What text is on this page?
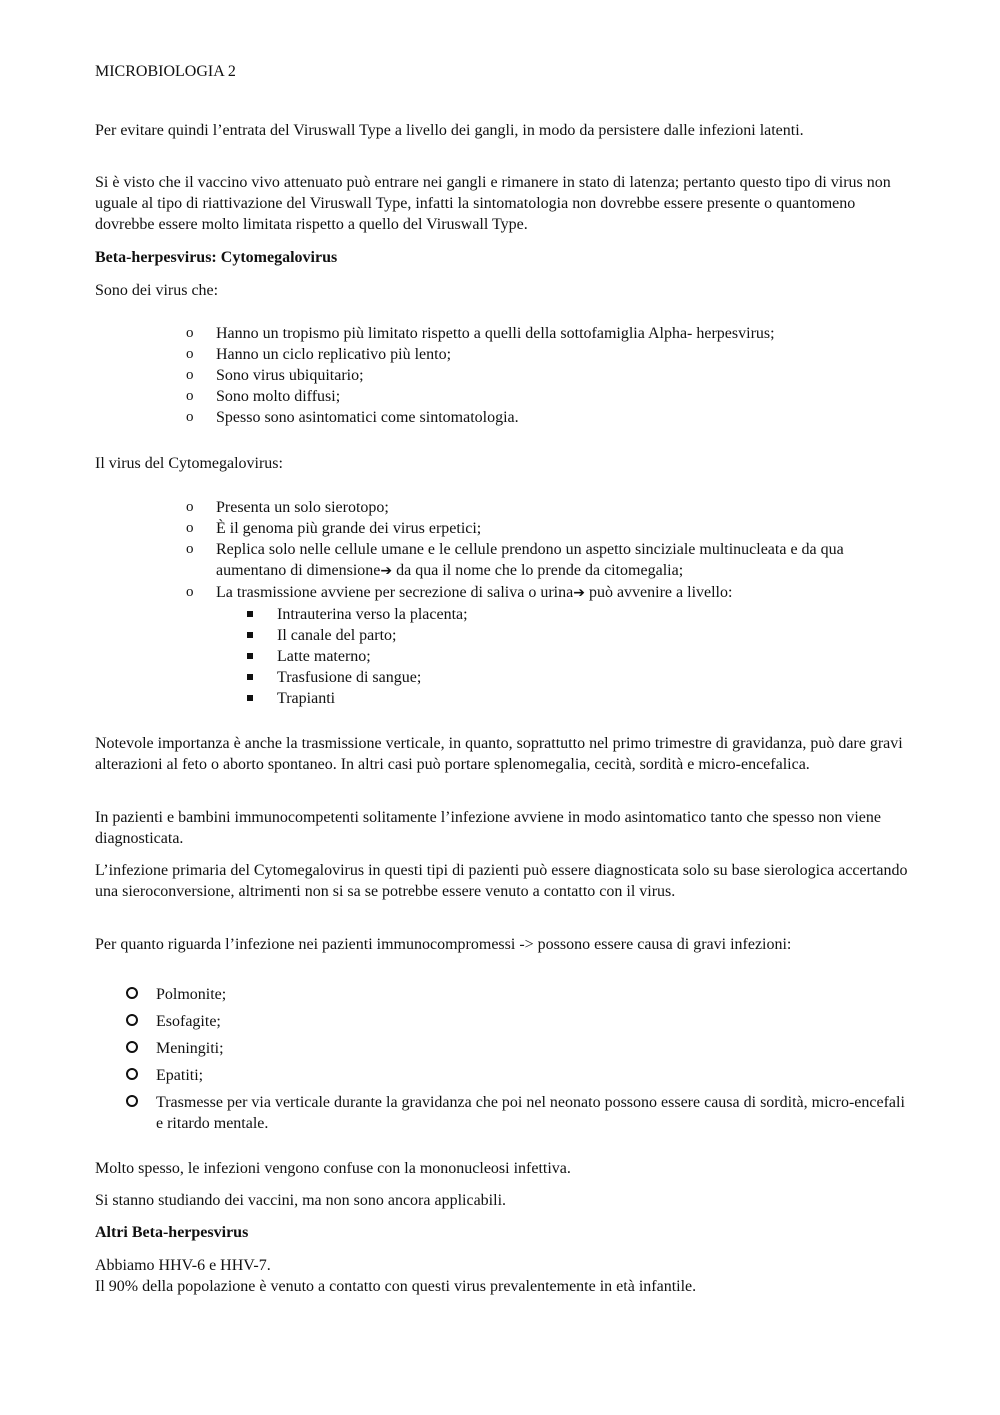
MICROBIOLOGIA 2

Per evitare quindi l’entrata del Viruswall Type a livello dei gangli, in modo da persistere dalle infezioni latenti.

Si è visto che il vaccino vivo attenuato può entrare nei gangli e rimanere in stato di latenza; pertanto questo tipo di virus non uguale al tipo di riattivazione del Viruswall Type, infatti la sintomatologia non dovrebbe essere presente o quantomeno dovrebbe essere molto limitata rispetto a quello del Viruswall Type.

Beta-herpesvirus: Cytomegalovirus
Sono dei virus che:
o Hanno un tropismo più limitato rispetto a quelli della sottofamiglia Alpha- herpesvirus;
o Hanno un ciclo replicativo più lento;
o Sono virus ubiquitario;
o Sono molto diffusi;
o Spesso sono asintomatici come sintomatologia.
Il virus del Cytomegalovirus:
o Presenta un solo sierotopo;
o È il genoma più grande dei virus erpetici;
o Replica solo nelle cellule umane e le cellule prendono un aspetto sinciziale multinucleata e da qua aumentano di dimensione➔ da qua il nome che lo prende da citomegalia;
o La trasmissione avviene per secrezione di saliva o urina➔ può avvenire a livello:
Intrauterina verso la placenta;
Il canale del parto;
Latte materno;
Trasfusione di sangue;
Trapianti

Notevole importanza è anche la trasmissione verticale, in quanto, soprattutto nel primo trimestre di gravidanza, può dare gravi alterazioni al feto o aborto spontaneo. In altri casi può portare splenomegalia, cecità, sordità e micro-encefalica.

In pazienti e bambini immunocompetenti solitamente l’infezione avviene in modo asintomatico tanto che spesso non viene diagnosticata.

L’infezione primaria del Cytomegalovirus in questi tipi di pazienti può essere diagnosticata solo su base sierologica accertando una sieroconversione, altrimenti non si sa se potrebbe essere venuto a contatto con il virus.

Per quanto riguarda l’infezione nei pazienti immunocompromessi -> possono essere causa di gravi infezioni:

Polmonite;
Esofagite;
Meningiti;
Epatiti;
Trasmesse per via verticale durante la gravidanza che poi nel neonato possono essere causa di sordità, micro-encefali e ritardo mentale.
Molto spesso, le infezioni vengono confuse con la mononucleosi infettiva.
Si stanno studiando dei vaccini, ma non sono ancora applicabili.
Altri Beta-herpesvirus
Abbiamo HHV-6 e HHV-7.
Il 90% della popolazione è venuto a contatto con questi virus prevalentemente in età infantile.
